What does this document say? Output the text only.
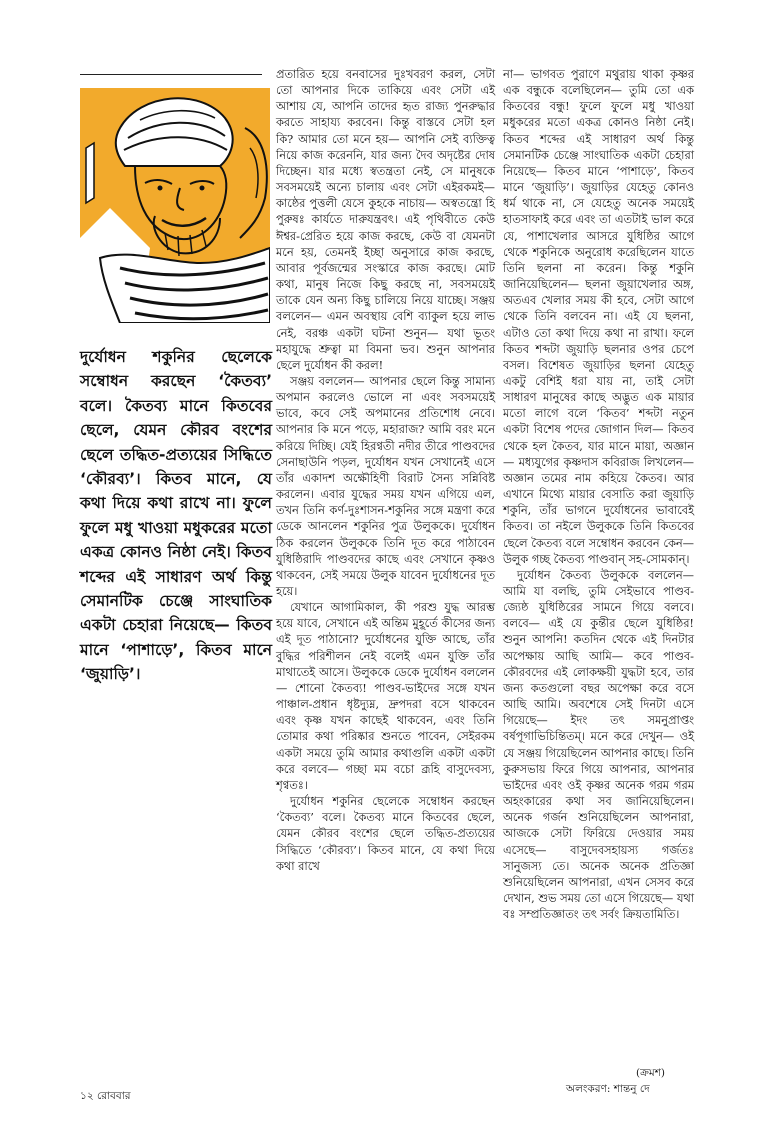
দুর্যোধন শকুনির ছেলেকে সম্বোধন করছেন ‘কৈতব্য’ বলে। কৈতব্য মানে কিতবের ছেলে, যেমন কৌরব বংশের ছেলে তদ্ধিত-প্রত্যয়ের সিদ্ধিতে ‘কৌরব্য’। কিতব মানে, যে কথা দিয়ে কথা রাখে না। ফুলে ফুলে মধু খাওয়া মধুকরের মতো একত্র কোনও নিষ্ঠা নেই। কিতব শব্দের এই সাধারণ অর্থ কিন্তু সেমানটিক চেঞ্জে সাংঘাতিক একটা চেহারা নিয়েছে— কিতব মানে ‘পাশাড়ে’, কিতব মানে ‘জুয়াড়ি’।

প্রতারিত হয়ে বনবাসের দুঃখবরণ করল, সেটা তো আপনার দিকে তাকিয়ে এবং সেটা এই আশায় যে, আপনি তাদের হৃত রাজ্য পুনরুদ্ধার করতে সাহায্য করবেন। কিন্তু বাস্তবে সেটা হল কি? আমার তো মনে হয়— আপনি সেই ব্যক্তিত্ব নিয়ে কাজ করেননি, যার জন্য দৈব অদৃষ্টের দোষ দিচ্ছেন। যার মধ্যে স্বতন্ত্রতা নেই, সে মানুষকে সবসময়েই অন্যে চালায় এবং সেটা এইরকমই— কাষ্ঠের পুত্তলী যেসে কুহকে নাচায়— অস্বতন্ত্রো হি পুরুষঃ কার্যতে দারুযন্ত্রবৎ। এই পৃথিবীতে কেউ ঈশ্বর-প্রেরিত হয়ে কাজ করছে, কেউ বা যেমনটা মনে হয়, তেমনই ইচ্ছা অনুসারে কাজ করছে, আবার পূর্বজন্মের সংস্কারে কাজ করছে। মোট কথা, মানুষ নিজে কিছু করছে না, সবসময়েই তাকে যেন অন্য কিছু চালিয়ে নিয়ে যাচ্ছে। সঞ্জয় বললেন— এমন অবস্থায় বেশি ব্যাকুল হয়ে লাভ নেই, বরঞ্চ একটা ঘটনা শুনুন— যথা ভূতং মহাযুদ্ধে শ্রুত্বা মা বিমনা ভব। শুনুন আপনার ছেলে দুর্যোধন কী করল!

সঞ্জয় বললেন— আপনার ছেলে কিন্তু সামান্য অপমান করলেও ভোলে না এবং সবসময়েই ভাবে, কবে সেই অপমানের প্রতিশোধ নেবে। আপনার কি মনে পড়ে, মহারাজ? আমি বরং মনে করিয়ে দিচ্ছি। যেই হিরণ্বতী নদীর তীরে পাণ্ডবদের সেনাছাউনি পড়ল, দুর্যোধন যখন সেখানেই এসে তাঁর একাদশ অক্ষৌহিণী বিরাট সৈন্য সন্নিবিষ্ট করলেন। এবার যুদ্ধের সময় যখন এগিয়ে এল, তখন তিনি কর্ণ-দুঃশাসন-শকুনির সঙ্গে মন্ত্রণা করে ডেকে আনলেন শকুনির পুত্র উলুককে। দুর্যোধন ঠিক করলেন উলুককে তিনি দূত করে পাঠাবেন যুধিষ্ঠিরাদি পাণ্ডবদের কাছে এবং সেখানে কৃষ্ণও থাকবেন, সেই সময়ে উলুক যাবেন দুর্যোধনের দূত হয়ে।

যেখানে আগামিকাল, কী পরশু যুদ্ধ আরম্ভ হয়ে যাবে, সেখানে এই অন্তিম মুহূর্তে কীসের জন্য এই দূত পাঠানো? দুর্যোধনের যুক্তি আছে, তাঁর বুদ্ধির পরিশীলন নেই বলেই এমন যুক্তি তাঁর মাথাতেই আসে। উলুককে ডেকে দুর্যোধন বললেন— শোনো কৈতব্য! পাণ্ডব-ভাইদের সঙ্গে যখন পাঞ্চাল-প্রধান ধৃষ্টদ্যুম্ন, দ্রুপদরা বসে থাকবেন এবং কৃষ্ণ যখন কাছেই থাকবেন, এবং তিনি তোমার কথা পরিষ্কার শুনতে পাবেন, সেইরকম একটা সময়ে তুমি আমার কথাগুলি একটা একটা করে বলবে— গচ্ছা মম বচো ব্রূহি বাসুদেবস্য, শৃণ্বতঃ।

দুর্যোধন শকুনির ছেলেকে সম্বোধন করছেন ‘কৈতব্য’ বলে। কৈতব্য মানে কিতবের ছেলে, যেমন কৌরব বংশের ছেলে তদ্ধিত-প্রত্যয়ের সিদ্ধিতে ‘কৌরব্য’। কিতব মানে, যে কথা দিয়ে কথা রাখে

না— ভাগবত পুরাণে মথুরায় থাকা কৃষ্ণর এক বন্ধুকে বলেছিলেন— তুমি তো এক কিতবের বন্ধু! ফুলে ফুলে মধু খাওয়া মধুকরের মতো একত্র কোনও নিষ্ঠা নেই। কিতব শব্দের এই সাধারণ অর্থ কিন্তু সেমানটিক চেঞ্জে সাংঘাতিক একটা চেহারা নিয়েছে— কিতব মানে ‘পাশাড়ে’, কিতব মানে ‘জুয়াড়ি’। জুয়াড়ির যেহেতু কোনও ধর্ম থাকে না, সে যেহেতু অনেক সময়েই হাতসাফাই করে এবং তা এতটাই ভাল করে যে, পাশাখেলার আসরে যুধিষ্ঠির আগে থেকে শকুনিকে অনুরোধ করেছিলেন যাতে তিনি ছলনা না করেন। কিন্তু শকুনি জানিয়েছিলেন— ছলনা জুয়াখেলার অঙ্গ, অতএব খেলার সময় কী হবে, সেটা আগে থেকে তিনি বলবেন না। এই যে ছলনা, এটাও তো কথা দিয়ে কথা না রাখা। ফলে কিতব শব্দটা জুয়াড়ি ছলনার ওপর চেপে বসল। বিশেষত জুয়াড়ির ছলনা যেহেতু একটু বেশিই ধরা যায় না, তাই সেটা সাধারণ মানুষের কাছে অদ্ভুত এক মায়ার মতো লাগে বলে ‘কিতব’ শব্দটা নতুন একটা বিশেষ পদের জোগান দিল— কিতব থেকে হল কৈতব, যার মানে মায়া, অজ্ঞান— মধ্যযুগের কৃষ্ণদাস কবিরাজ লিখলেন— অজ্ঞান তমের নাম কহিয়ে কৈতব। আর এখানে মিথ্যে মায়ার বেসাতি করা জুয়াড়ি শকুনি, তাঁর ভাগনে দুর্যোধনের ভাবাবেই কিতব। তা নইলে উলুককে তিনি কিতবের ছেলে কৈতব্য বলে সম্বোধন করবেন কেন— উলুক গচ্ছ কৈতব্য পাণ্ডবান্‌ সহ-সোমকান্‌।

দুর্যোধন কৈতব্য উলুককে বললেন— আমি যা বলছি, তুমি সেইভাবে পাণ্ডব-জ্যেষ্ঠ যুধিষ্ঠিরের সামনে গিয়ে বলবে। বলবে— এই যে কুন্তীর ছেলে যুধিষ্ঠির! শুনুন আপনি! কতদিন থেকে এই দিনটার অপেক্ষায় আছি আমি— কবে পাণ্ডব-কৌরবদের এই লোকক্ষয়ী যুদ্ধটা হবে, তার জন্য কতগুলো বছর অপেক্ষা করে বসে আছি আমি। অবশেষে সেই দিনটা এসে গিয়েছে— ইদং তৎ সমনুপ্রাপ্তং বর্ষপূগাভিচিন্তিতম্‌। মনে করে দেখুন— ওই যে সঞ্জয় গিয়েছিলেন আপনার কাছে। তিনি কুরুসভায় ফিরে গিয়ে আপনার, আপনার ভাইদের এবং ওই কৃষ্ণর অনেক গরম গরম অহংকারের কথা সব জানিয়েছিলেন। অনেক গর্জন শুনিয়েছিলেন আপনারা, আজকে সেটা ফিরিয়ে দেওয়ার সময় এসেছে— বাসুদেবসহায়স্য গর্জতঃ সানুজস্য তে। অনেক অনেক প্রতিজ্ঞা শুনিয়েছিলেন আপনারা, এখন সেসব করে দেখান, শুভ সময় তো এসে গিয়েছে— যথা বঃ সম্প্রতিজ্ঞাতং তৎ সর্বং ক্রিয়তামিতি।

(ক্রমশ)
অলংকরণ: শান্তনু দে
১২ রোববার
